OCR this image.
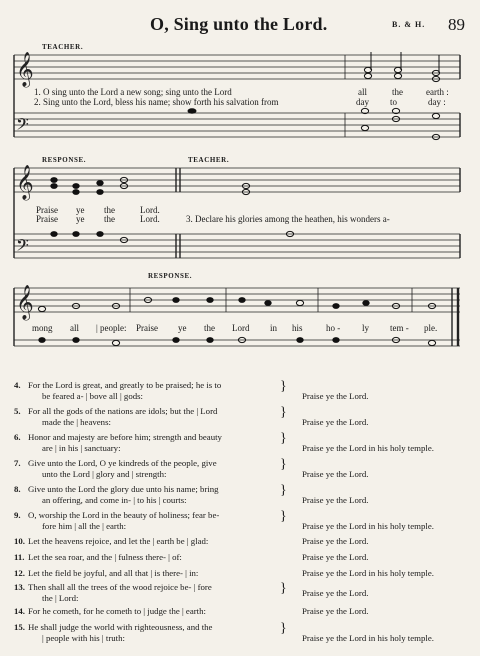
O, Sing unto the Lord.	B. & H. 89
𝄞
𝄢
𝄞
𝄢
𝄞
TEACHER.
RESPONSE.	TEACHER.
RESPONSE.
1. O sing unto the Lord a new song; sing unto the Lord	all	the	earth :
2. Sing unto the Lord, bless his name; show forth his salvation from	day to	day :
Praise ye the	Lord.
Praise ye the	Lord.	3. Declare his glories among the heathen, his wonders a-
mong all | people: Praise ye the Lord in his	ho - ly tem - ple.
4. For the Lord is great, and greatly to be praised; he is to
be feared a- | bove all | gods:
}
Praise ye the Lord.
5. For all the gods of the nations are idols; but the | Lord
made the | heavens:
}
Praise ye the Lord.
6. Honor and majesty are before him; strength and beauty
are | in his | sanctuary:
}
Praise ye the Lord in his holy temple.
7. Give unto the Lord, O ye kindreds of the people, give
unto the Lord | glory and | strength:
}
Praise ye the Lord.
8. Give unto the Lord the glory due unto his name; bring
an offering, and come in- | to his | courts:
}
Praise ye the Lord.
9. O, worship the Lord in the beauty of holiness; fear be-
fore him | all the | earth:
}
Praise ye the Lord in his holy temple.
10. Let the heavens rejoice, and let the | earth be | glad:	Praise ye the Lord.
11. Let the sea roar, and the | fulness there- | of:	Praise ye the Lord.
12. Let the field be joyful, and all that | is there- | in:	Praise ye the Lord in his holy temple.
13. Then shall all the trees of the wood rejoice be- | fore
the | Lord:
} Praise ye the Lord.
14. For he cometh, for he cometh to | judge the | earth:	Praise ye the Lord.
15. He shall judge the world with righteousness, and the
| people with his | truth:
}
Praise ye the Lord in his holy temple.
